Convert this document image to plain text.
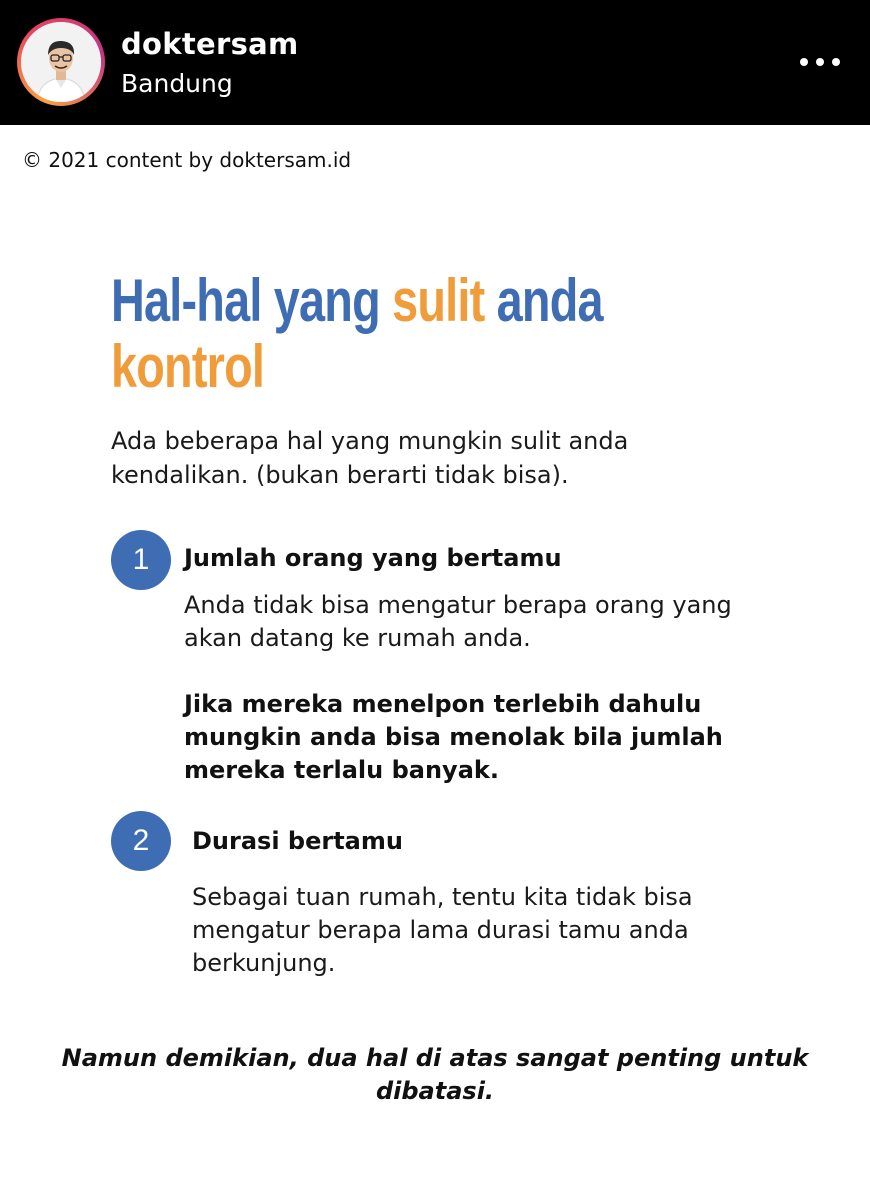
doktersam
Bandung
© 2021 content by doktersam.id
Hal-hal yang sulit anda
kontrol
Ada beberapa hal yang mungkin sulit anda kendalikan. (bukan berarti tidak bisa).
1	Jumlah orang yang bertamu
Anda tidak bisa mengatur berapa orang yang akan datang ke rumah anda.
Jika mereka menelpon terlebih dahulu mungkin anda bisa menolak bila jumlah mereka terlalu banyak.
2	Durasi bertamu
Sebagai tuan rumah, tentu kita tidak bisa mengatur berapa lama durasi tamu anda berkunjung.
Namun demikian, dua hal di atas sangat penting untuk dibatasi.
